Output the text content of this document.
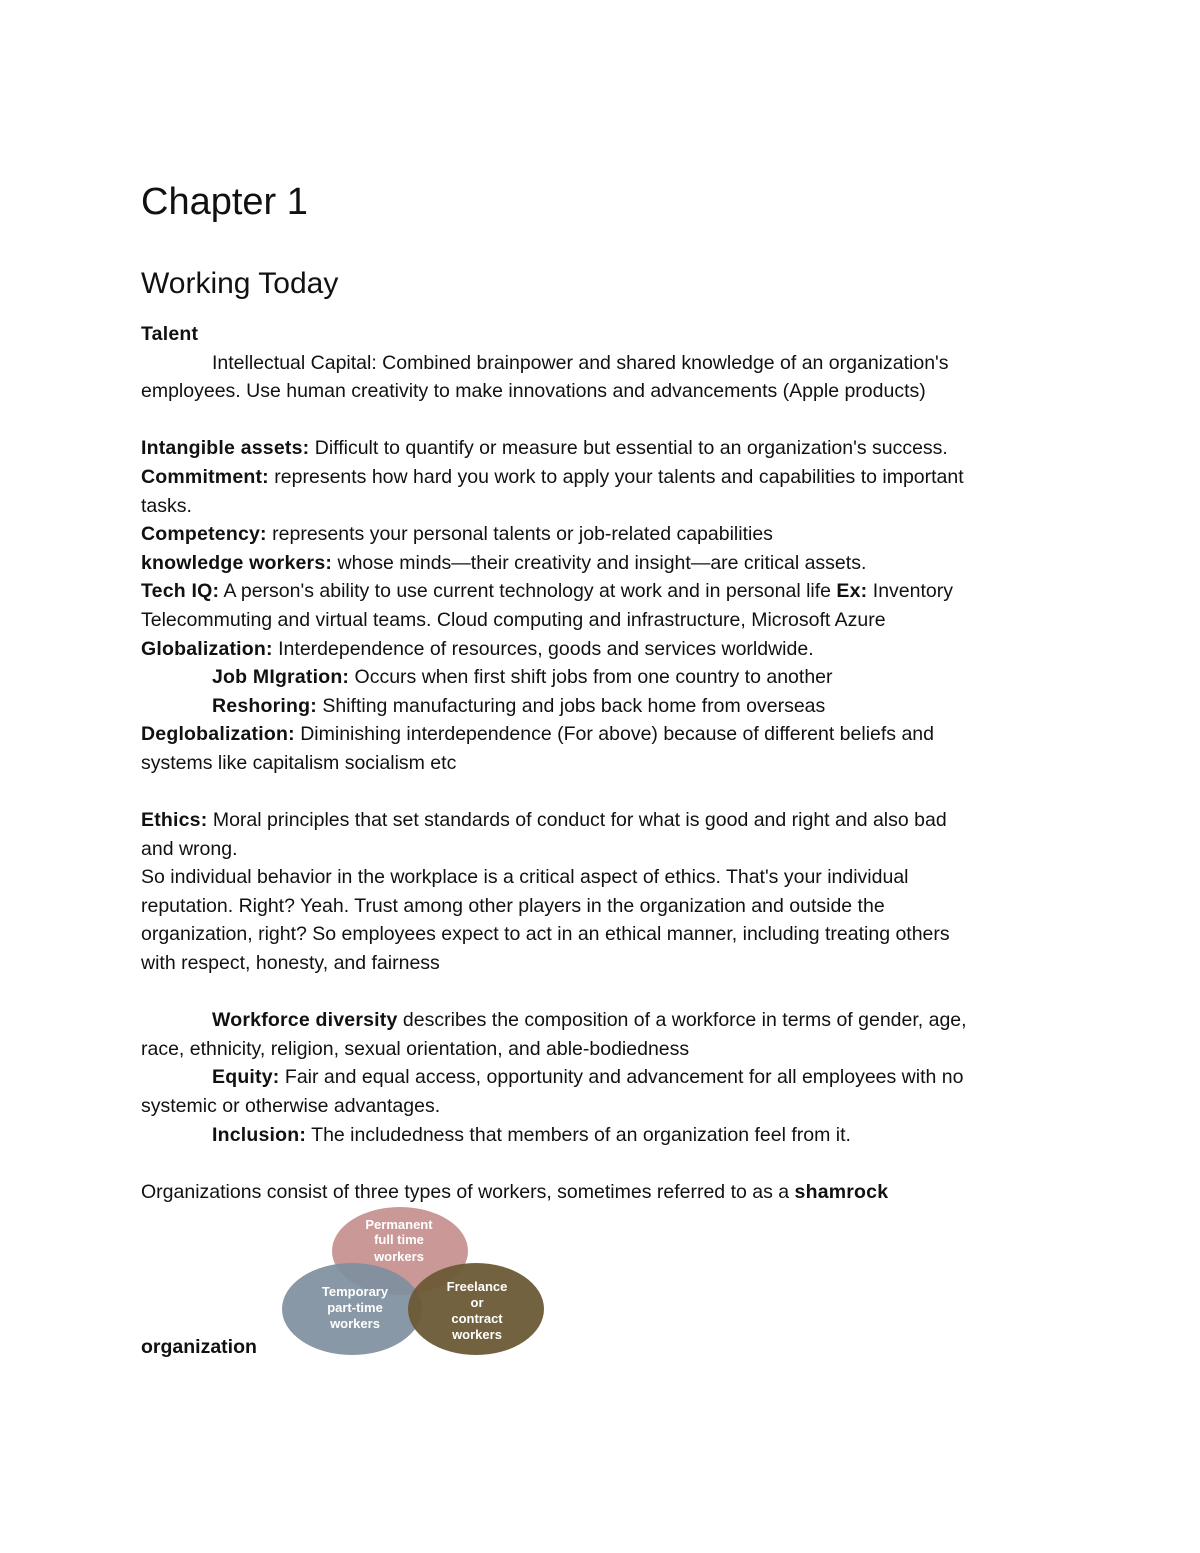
Chapter 1
Working Today

Talent

Intellectual Capital: Combined brainpower and shared knowledge of an organization's

employees. Use human creativity to make innovations and advancements (Apple products)

Intangible assets: Difficult to quantify or measure but essential to an organization's success.

Commitment: represents how hard you work to apply your talents and capabilities to important

tasks.

Competency: represents your personal talents or job-related capabilities

knowledge workers: whose minds—their creativity and insight—are critical assets.

Tech IQ: A person's ability to use current technology at work and in personal life Ex: Inventory

Telecommuting and virtual teams. Cloud computing and infrastructure, Microsoft Azure

Globalization: Interdependence of resources, goods and services worldwide.

Job MIgration: Occurs when first shift jobs from one country to another

Reshoring: Shifting manufacturing and jobs back home from overseas

Deglobalization: Diminishing interdependence (For above) because of different beliefs and

systems like capitalism socialism etc

Ethics: Moral principles that set standards of conduct for what is good and right and also bad

and wrong.

So individual behavior in the workplace is a critical aspect of ethics. That's your individual

reputation. Right? Yeah. Trust among other players in the organization and outside the

organization, right? So employees expect to act in an ethical manner, including treating others

with respect, honesty, and fairness

Workforce diversity describes the composition of a workforce in terms of gender, age,

race, ethnicity, religion, sexual orientation, and able-bodiedness

Equity: Fair and equal access, opportunity and advancement for all employees with no

systemic or otherwise advantages.

Inclusion: The includedness that members of an organization feel from it.

Organizations consist of three types of workers, sometimes referred to as a shamrock

Permanent
full time
workers
Temporary
part-time
workers
Freelance
or
contract
workers
organization
